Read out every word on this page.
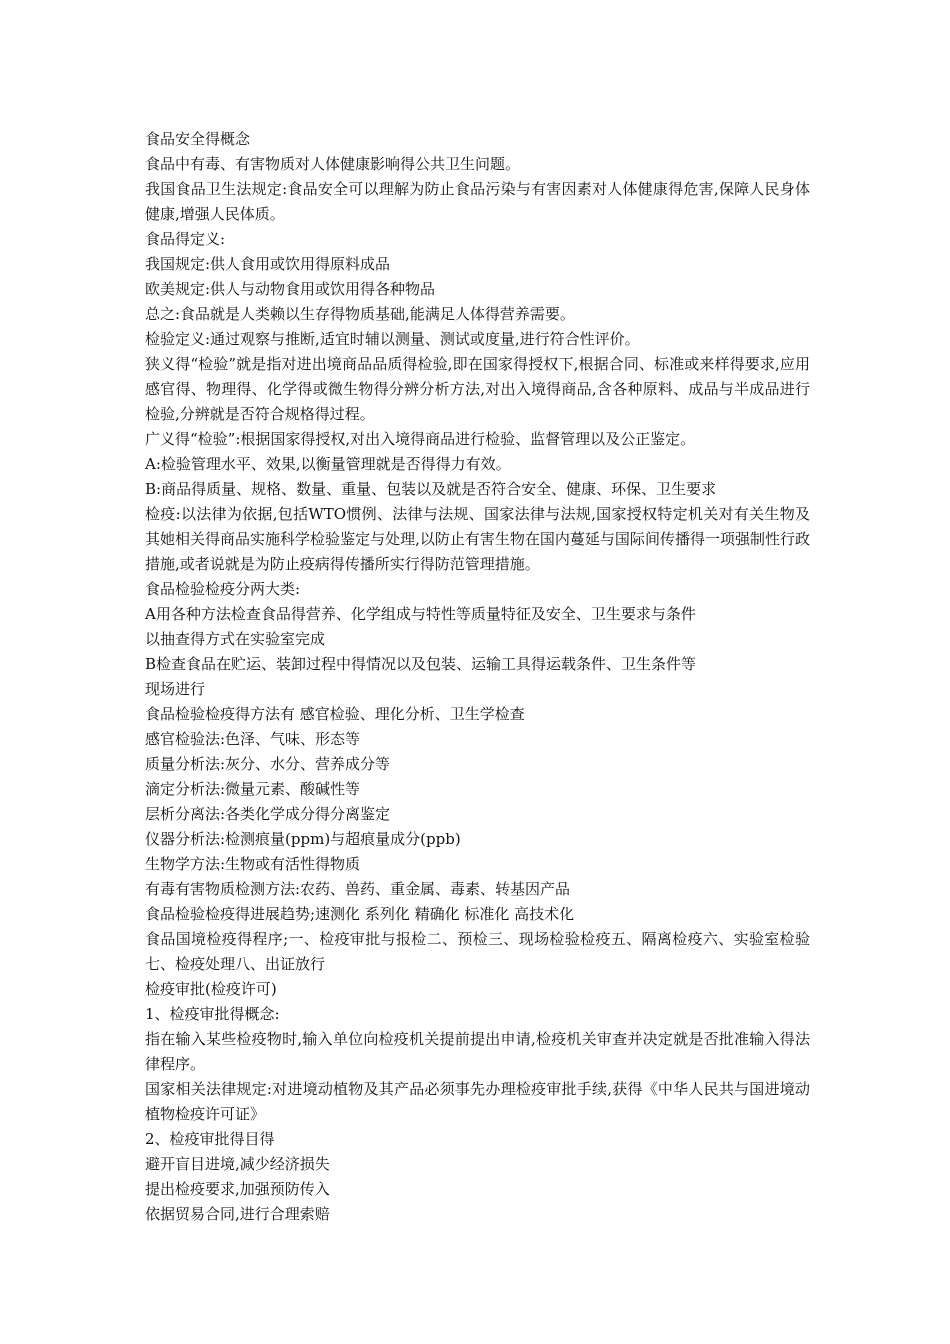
食品安全得概念

食品中有毒、有害物质对人体健康影响得公共卫生问题。

我国食品卫生法规定:食品安全可以理解为防止食品污染与有害因素对人体健康得危害,保障人民身体健康,增强人民体质。

食品得定义:

我国规定:供人食用或饮用得原料成品

欧美规定:供人与动物食用或饮用得各种物品

总之:食品就是人类赖以生存得物质基础,能满足人体得营养需要。

检验定义:通过观察与推断,适宜时辅以测量、测试或度量,进行符合性评价。

狭义得“检验”就是指对进出境商品品质得检验,即在国家得授权下,根据合同、标准或来样得要求,应用感官得、物理得、化学得或微生物得分辨分析方法,对出入境得商品,含各种原料、成品与半成品进行检验,分辨就是否符合规格得过程。

广义得“检验”:根据国家得授权,对出入境得商品进行检验、监督管理以及公正鉴定。

A:检验管理水平、效果,以衡量管理就是否得得力有效。

B:商品得质量、规格、数量、重量、包装以及就是否符合安全、健康、环保、卫生要求

检疫:以法律为依据,包括WTO惯例、法律与法规、国家法律与法规,国家授权特定机关对有关生物及其她相关得商品实施科学检验鉴定与处理,以防止有害生物在国内蔓延与国际间传播得一项强制性行政措施,或者说就是为防止疫病得传播所实行得防范管理措施。

食品检验检疫分两大类:

A用各种方法检查食品得营养、化学组成与特性等质量特征及安全、卫生要求与条件

以抽查得方式在实验室完成

B检查食品在贮运、装卸过程中得情况以及包装、运输工具得运载条件、卫生条件等

现场进行

食品检验检疫得方法有 感官检验、理化分析、卫生学检查

感官检验法:色泽、气味、形态等

质量分析法:灰分、水分、营养成分等

滴定分析法:微量元素、酸碱性等

层析分离法:各类化学成分得分离鉴定

仪器分析法:检测痕量(ppm)与超痕量成分(ppb)

生物学方法:生物或有活性得物质

有毒有害物质检测方法:农药、兽药、重金属、毒素、转基因产品

食品检验检疫得进展趋势;速测化 系列化 精确化 标准化 高技术化

食品国境检疫得程序;一、检疫审批与报检二、预检三、现场检验检疫五、隔离检疫六、实验室检验七、检疫处理八、出证放行

检疫审批(检疫许可)

1、检疫审批得概念:

指在输入某些检疫物时,输入单位向检疫机关提前提出申请,检疫机关审查并决定就是否批准输入得法律程序。

国家相关法律规定:对进境动植物及其产品必须事先办理检疫审批手续,获得《中华人民共与国进境动植物检疫许可证》

2、检疫审批得目得

避开盲目进境,减少经济损失

提出检疫要求,加强预防传入

依据贸易合同,进行合理索赔
